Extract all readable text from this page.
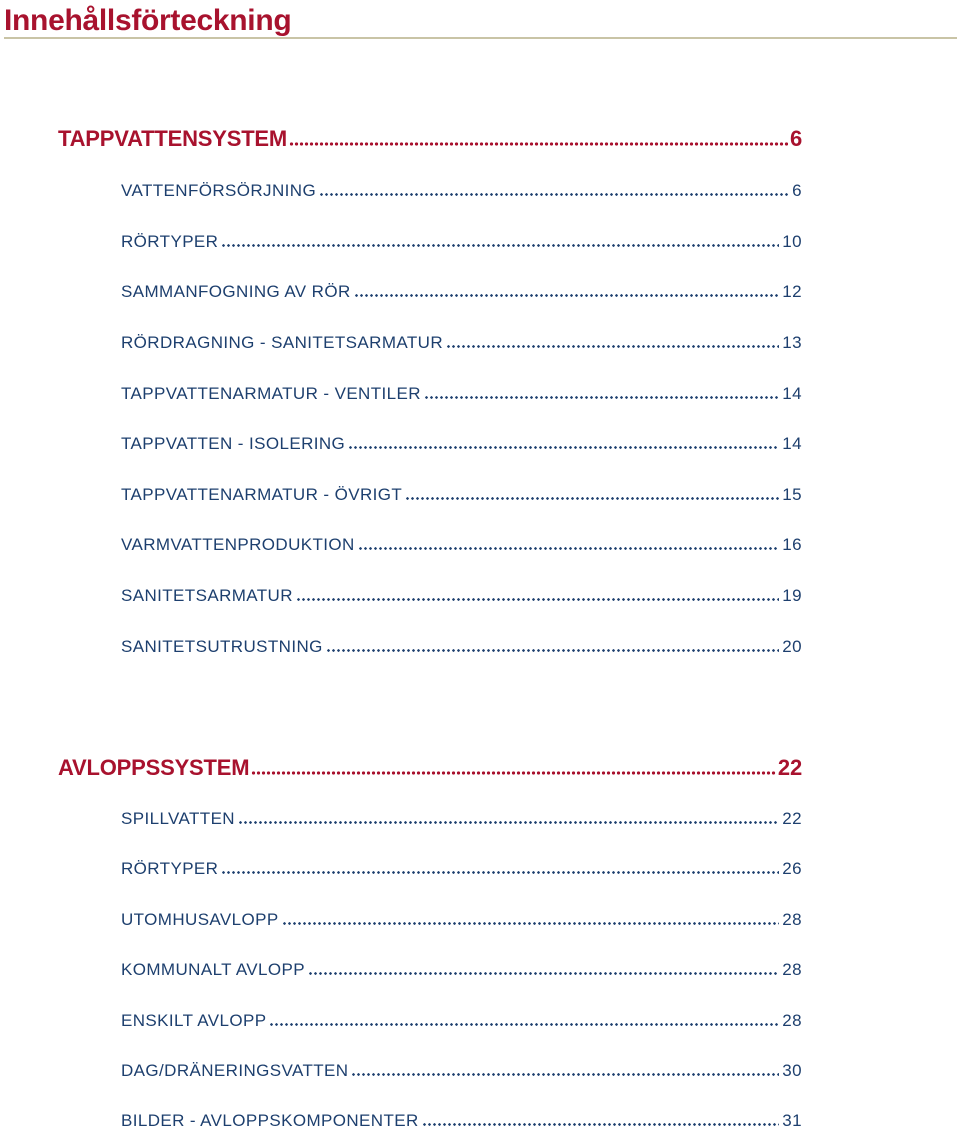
Innehållsförteckning
TAPPVATTENSYSTEM	6
VATTENFÖRSÖRJNING	6
RÖRTYPER	10
SAMMANFOGNING AV RÖR	12
RÖRDRAGNING - SANITETSARMATUR	13
TAPPVATTENARMATUR - VENTILER	14
TAPPVATTEN - ISOLERING	14
TAPPVATTENARMATUR - ÖVRIGT	15
VARMVATTENPRODUKTION	16
SANITETSARMATUR	19
SANITETSUTRUSTNING	20
AVLOPPSSYSTEM	22
SPILLVATTEN	22
RÖRTYPER	26
UTOMHUSAVLOPP	28
KOMMUNALT AVLOPP	28
ENSKILT AVLOPP	28
DAG/DRÄNERINGSVATTEN	30
BILDER - AVLOPPSKOMPONENTER	31
